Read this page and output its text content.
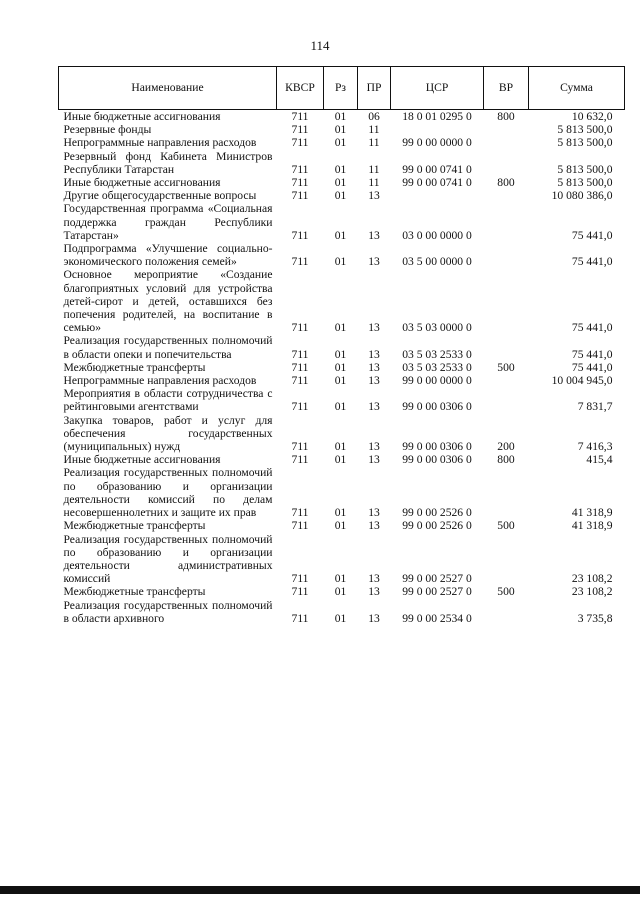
114
Наименование	КВСР	Рз	ПР	ЦСР	ВР	Сумма
Иные бюджетные ассигнования	711	01	06	18 0 01 0295 0	800	10 632,0
Резервные фонды	711	01	11			5 813 500,0
Непрограммные направления расходов	711	01	11	99 0 00 0000 0		5 813 500,0
Резервный фонд Кабинета Министров Республики Татарстан	711	01	11	99 0 00 0741 0		5 813 500,0
Иные бюджетные ассигнования	711	01	11	99 0 00 0741 0	800	5 813 500,0
Другие общегосударственные вопросы	711	01	13			10 080 386,0
Государственная программа «Социальная поддержка граждан Республики Татарстан»	711	01	13	03 0 00 0000 0		75 441,0
Подпрограмма «Улучшение социально-экономического положения семей»	711	01	13	03 5 00 0000 0		75 441,0
Основное мероприятие «Создание благоприятных условий для устройства детей-сирот и детей, оставшихся без попечения родителей, на воспитание в семью»	711	01	13	03 5 03 0000 0		75 441,0
Реализация государственных полномочий в области опеки и попечительства	711	01	13	03 5 03 2533 0		75 441,0
Межбюджетные трансферты	711	01	13	03 5 03 2533 0	500	75 441,0
Непрограммные направления расходов	711	01	13	99 0 00 0000 0		10 004 945,0
Мероприятия в области сотрудничества с рейтинговыми агентствами	711	01	13	99 0 00 0306 0		7 831,7
Закупка товаров, работ и услуг для обеспечения государственных (муниципальных) нужд	711	01	13	99 0 00 0306 0	200	7 416,3
Иные бюджетные ассигнования	711	01	13	99 0 00 0306 0	800	415,4
Реализация государственных полномочий по образованию и организации деятельности комиссий по делам несовершеннолетних и защите их прав	711	01	13	99 0 00 2526 0		41 318,9
Межбюджетные трансферты	711	01	13	99 0 00 2526 0	500	41 318,9
Реализация государственных полномочий по образованию и организации деятельности административных комиссий	711	01	13	99 0 00 2527 0		23 108,2
Межбюджетные трансферты	711	01	13	99 0 00 2527 0	500	23 108,2
Реализация государственных полномочий в области архивного	711	01	13	99 0 00 2534 0		3 735,8
